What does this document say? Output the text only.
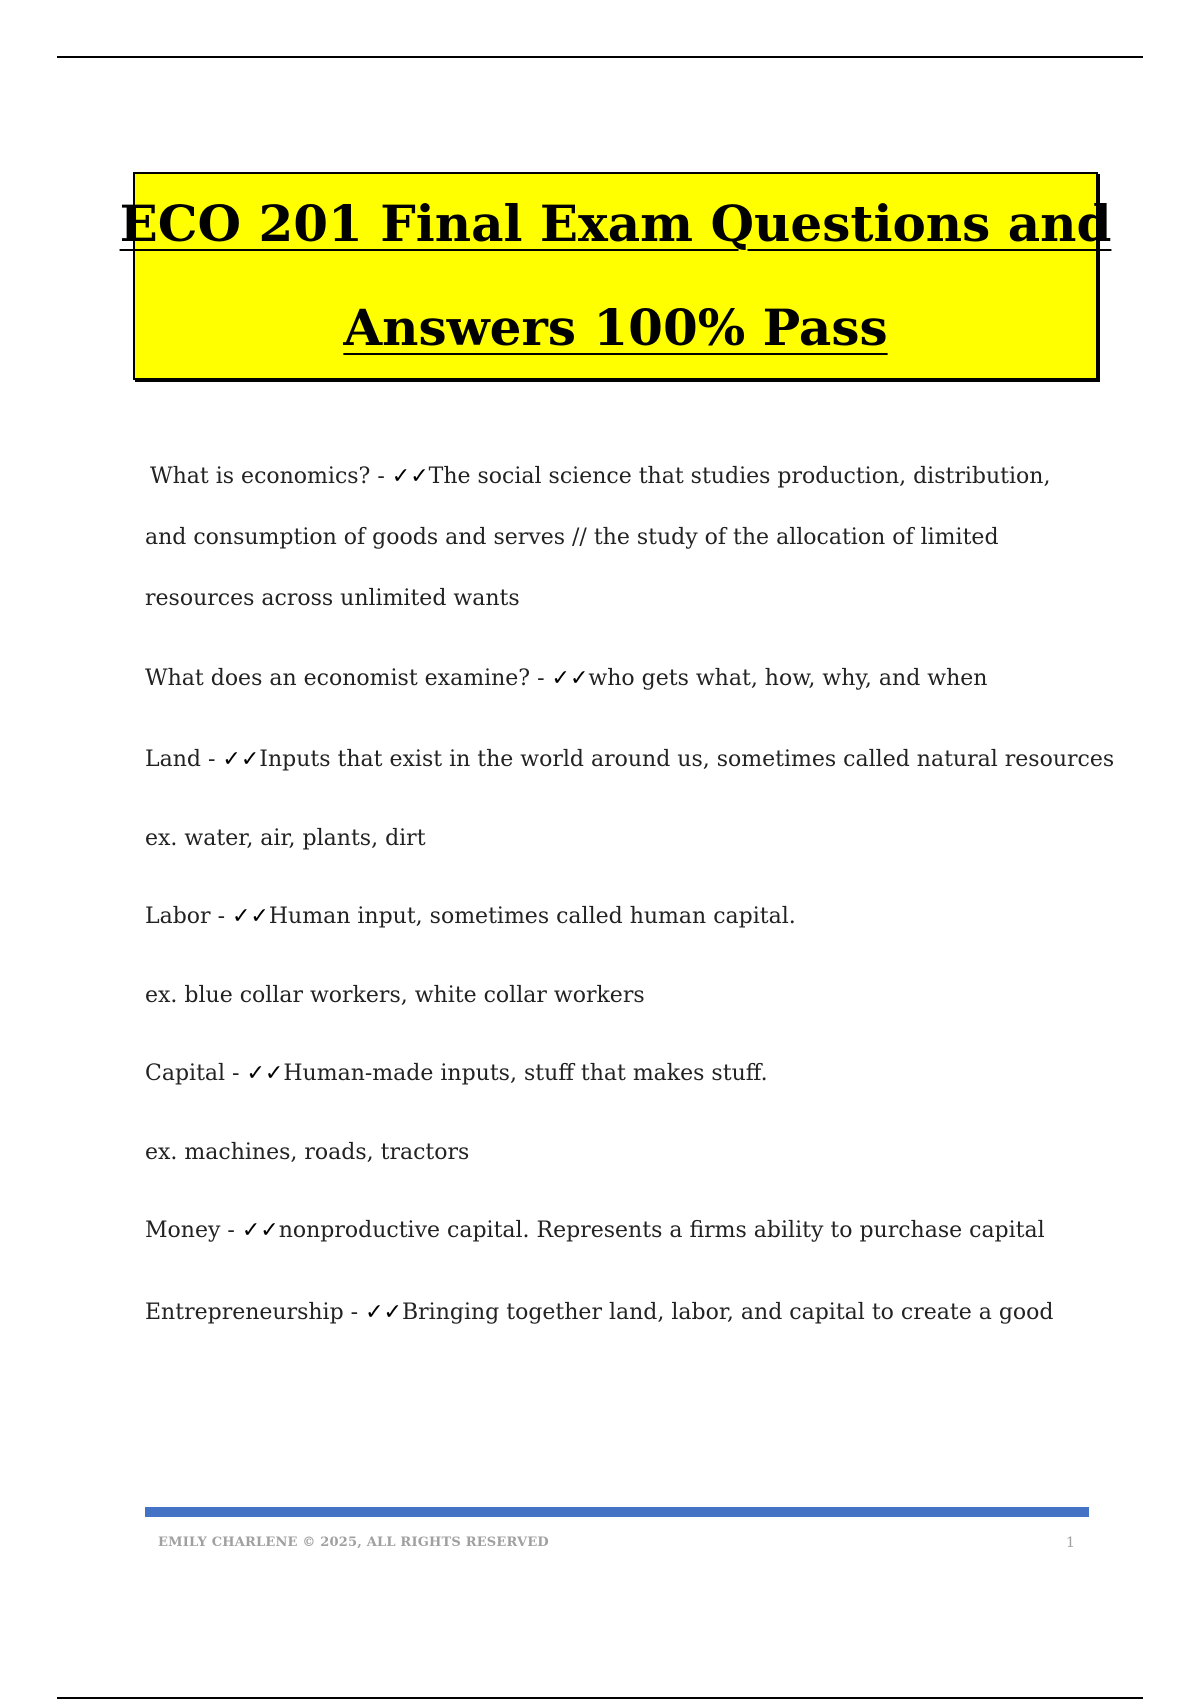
ECO 201 Final Exam Questions and
Answers 100% Pass
What is economics? - ✓✓The social science that studies production, distribution, and consumption of goods and serves // the study of the allocation of limited resources across unlimited wants
What does an economist examine? - ✓✓who gets what, how, why, and when
Land - ✓✓Inputs that exist in the world around us, sometimes called natural resources
ex. water, air, plants, dirt
Labor - ✓✓Human input, sometimes called human capital.
ex. blue collar workers, white collar workers
Capital - ✓✓Human-made inputs, stuff that makes stuff.
ex. machines, roads, tractors
Money - ✓✓nonproductive capital. Represents a firms ability to purchase capital
Entrepreneurship - ✓✓Bringing together land, labor, and capital to create a good
EMILY CHARLENE © 2025, ALL RIGHTS RESERVED	1
